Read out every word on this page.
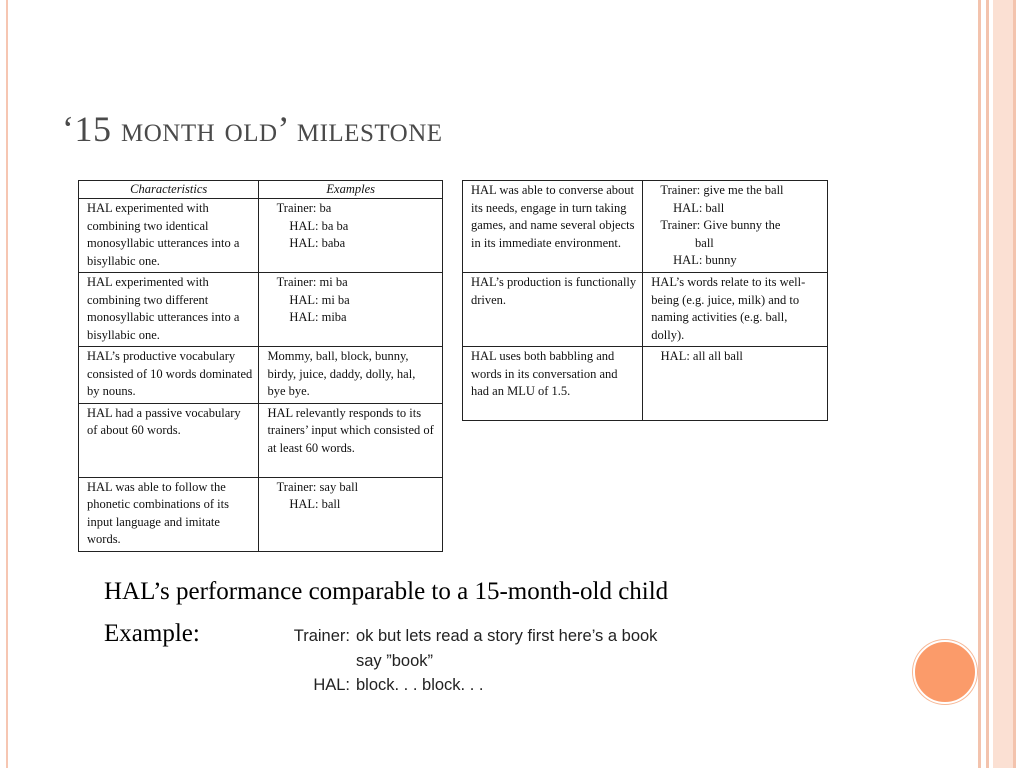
‘15 month old’ milestone
Characteristics	Examples
HAL experimented with combining two identical monosyllabic utterances into a bisyllabic one.	Trainer: ba
HAL: ba ba
HAL: baba

HAL experimented with combining two different monosyllabic utterances into a bisyllabic one.	Trainer: mi ba
HAL: mi ba
HAL: miba

HAL’s productive vocabulary consisted of 10 words dominated by nouns.	Mommy, ball, block, bunny, birdy, juice, daddy, dolly, hal, bye bye.
HAL had a passive vocabulary of about 60 words.	HAL relevantly responds to its trainers’ input which consisted of at least 60 words.
HAL was able to follow the phonetic combinations of its input language and imitate words.	Trainer: say ball
HAL: ball
HAL was able to converse about its needs, engage in turn taking games, and name several objects in its immediate environment.	Trainer: give me the ball
HAL: ball
Trainer: Give bunny the
ball
HAL: bunny

HAL’s production is functionally driven.	HAL’s words relate to its well-being (e.g. juice, milk) and to naming activities (e.g. ball, dolly).
HAL uses both babbling and words in its conversation and had an MLU of 1.5.	HAL: all all ball
HAL’s performance comparable to a 15-month-old child
Example:	Trainer: ok but lets read a story first here’s a book say ”book”
HAL: block. . . block. . .
